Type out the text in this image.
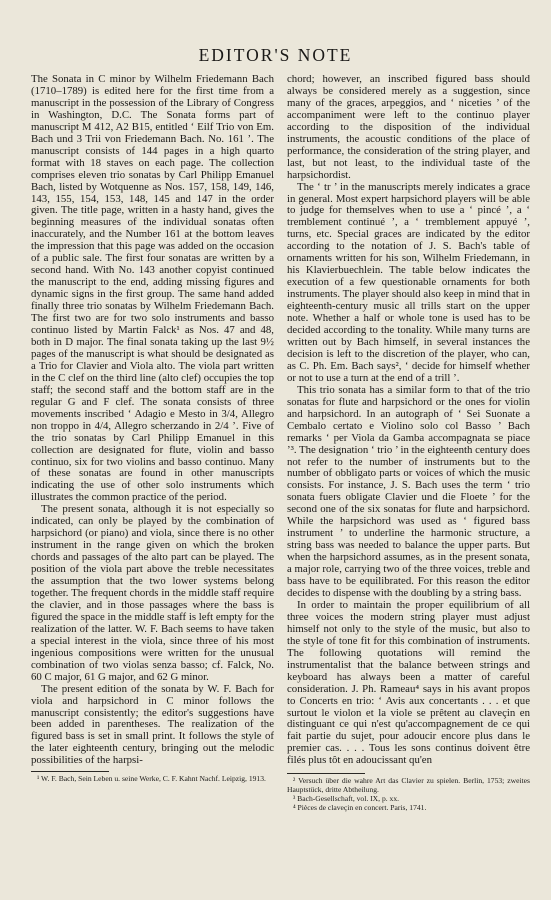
EDITOR'S NOTE

The Sonata in C minor by Wilhelm Friedemann Bach (1710–1789) is edited here for the first time from a manuscript in the possession of the Library of Congress in Washington, D.C. The Sonata forms part of manuscript M 412, A2 B15, entitled ‘ Eilf Trio von Em. Bach und 3 Trii von Friedemann Bach. No. 161 ’. The manuscript consists of 144 pages in a high quarto format with 18 staves on each page. The collection comprises eleven trio sonatas by Carl Philipp Emanuel Bach, listed by Wotquenne as Nos. 157, 158, 149, 146, 143, 155, 154, 153, 148, 145 and 147 in the order given. The title page, written in a hasty hand, gives the beginning measures of the individual sonatas often inaccurately, and the Number 161 at the bottom leaves the impression that this page was added on the occasion of a public sale. The first four sonatas are written by a second hand. With No. 143 another copyist continued the manuscript to the end, adding missing figures and dynamic signs in the first group. The same hand added finally three trio sonatas by Wilhelm Friedemann Bach. The first two are for two solo instruments and basso continuo listed by Martin Falck¹ as Nos. 47 and 48, both in D major. The final sonata taking up the last 9½ pages of the manuscript is what should be designated as a Trio for Clavier and Viola alto. The viola part written in the C clef on the third line (alto clef) occupies the top staff; the second staff and the bottom staff are in the regular G and F clef. The sonata consists of three movements inscribed ‘ Adagio e Mesto in 3/4, Allegro non troppo in 4/4, Allegro scherzando in 2/4 ’. Five of the trio sonatas by Carl Philipp Emanuel in this collection are designated for flute, violin and basso continuo, six for two violins and basso continuo. Many of these sonatas are found in other manuscripts indicating the use of other solo instruments which illustrates the common practice of the period.

The present sonata, although it is not especially so indicated, can only be played by the combination of harpsichord (or piano) and viola, since there is no other instrument in the range given on which the broken chords and passages of the alto part can be played. The position of the viola part above the treble necessitates the assumption that the two lower systems belong together. The frequent chords in the middle staff require the clavier, and in those passages where the bass is figured the space in the middle staff is left empty for the realization of the latter. W. F. Bach seems to have taken a special interest in the viola, since three of his most ingenious compositions were written for the unusual combination of two violas senza basso; cf. Falck, No. 60 C major, 61 G major, and 62 G minor.

The present edition of the sonata by W. F. Bach for viola and harpsichord in C minor follows the manuscript consistently; the editor's suggestions have been added in parentheses. The realization of the figured bass is set in small print. It follows the style of the later eighteenth century, bringing out the melodic possibilities of the harpsi-

¹ W. F. Bach, Sein Leben u. seine Werke, C. F. Kahnt Nachf. Leipzig, 1913.

chord; however, an inscribed figured bass should always be considered merely as a suggestion, since many of the graces, arpeggios, and ‘ niceties ’ of the accompaniment were left to the continuo player according to the disposition of the individual instruments, the acoustic conditions of the place of performance, the consideration of the string player, and last, but not least, to the individual taste of the harpsichordist.

The ‘ tr ’ in the manuscripts merely indicates a grace in general. Most expert harpsichord players will be able to judge for themselves when to use a ‘ pincé ’, a ‘ tremblement continué ’, a ‘ tremblement appuyé ’, turns, etc. Special graces are indicated by the editor according to the notation of J. S. Bach's table of ornaments written for his son, Wilhelm Friedemann, in his Klavierbuechlein. The table below indicates the execution of a few questionable ornaments for both instruments. The player should also keep in mind that in eighteenth-century music all trills start on the upper note. Whether a half or whole tone is used has to be decided according to the tonality. While many turns are written out by Bach himself, in several instances the decision is left to the discretion of the player, who can, as C. Ph. Em. Bach says², ‘ decide for himself whether or not to use a turn at the end of a trill ’.

This trio sonata has a similar form to that of the trio sonatas for flute and harpsichord or the ones for violin and harpsichord. In an autograph of ‘ Sei Suonate a Cembalo certato e Violino solo col Basso ’ Bach remarks ‘ per Viola da Gamba accompagnata se piace ’³. The designation ‘ trio ’ in the eighteenth century does not refer to the number of instruments but to the number of obbligato parts or voices of which the music consists. For instance, J. S. Bach uses the term ‘ trio sonata fuers obligate Clavier und die Floete ’ for the second one of the six sonatas for flute and harpsichord. While the harpsichord was used as ‘ figured bass instrument ’ to underline the harmonic structure, a string bass was needed to balance the upper parts. But when the harpsichord assumes, as in the present sonata, a major role, carrying two of the three voices, treble and bass have to be equilibrated. For this reason the editor decides to dispense with the doubling by a string bass.

In order to maintain the proper equilibrium of all three voices the modern string player must adjust himself not only to the style of the music, but also to the style of tone fit for this combination of instruments. The following quotations will remind the instrumentalist that the balance between strings and keyboard has always been a matter of careful consideration. J. Ph. Rameau⁴ says in his avant propos to Concerts en trio: ‘ Avis aux concertants . . . et que surtout le violon et la viole se prêtent au claveçin en distinguant ce qui n'est qu'accompagnement de ce qui fait partie du sujet, pour adoucir encore plus dans le premier cas. . . . Tous les sons continus doivent être filés plus tôt en adoucissant qu'en

² Versuch über die wahre Art das Clavier zu spielen. Berlin, 1753; zweites Hauptstück, dritte Abtheilung.

³ Bach-Gesellschaft, vol. IX, p. xx.

⁴ Pièces de claveçin en concert. Paris, 1741.
